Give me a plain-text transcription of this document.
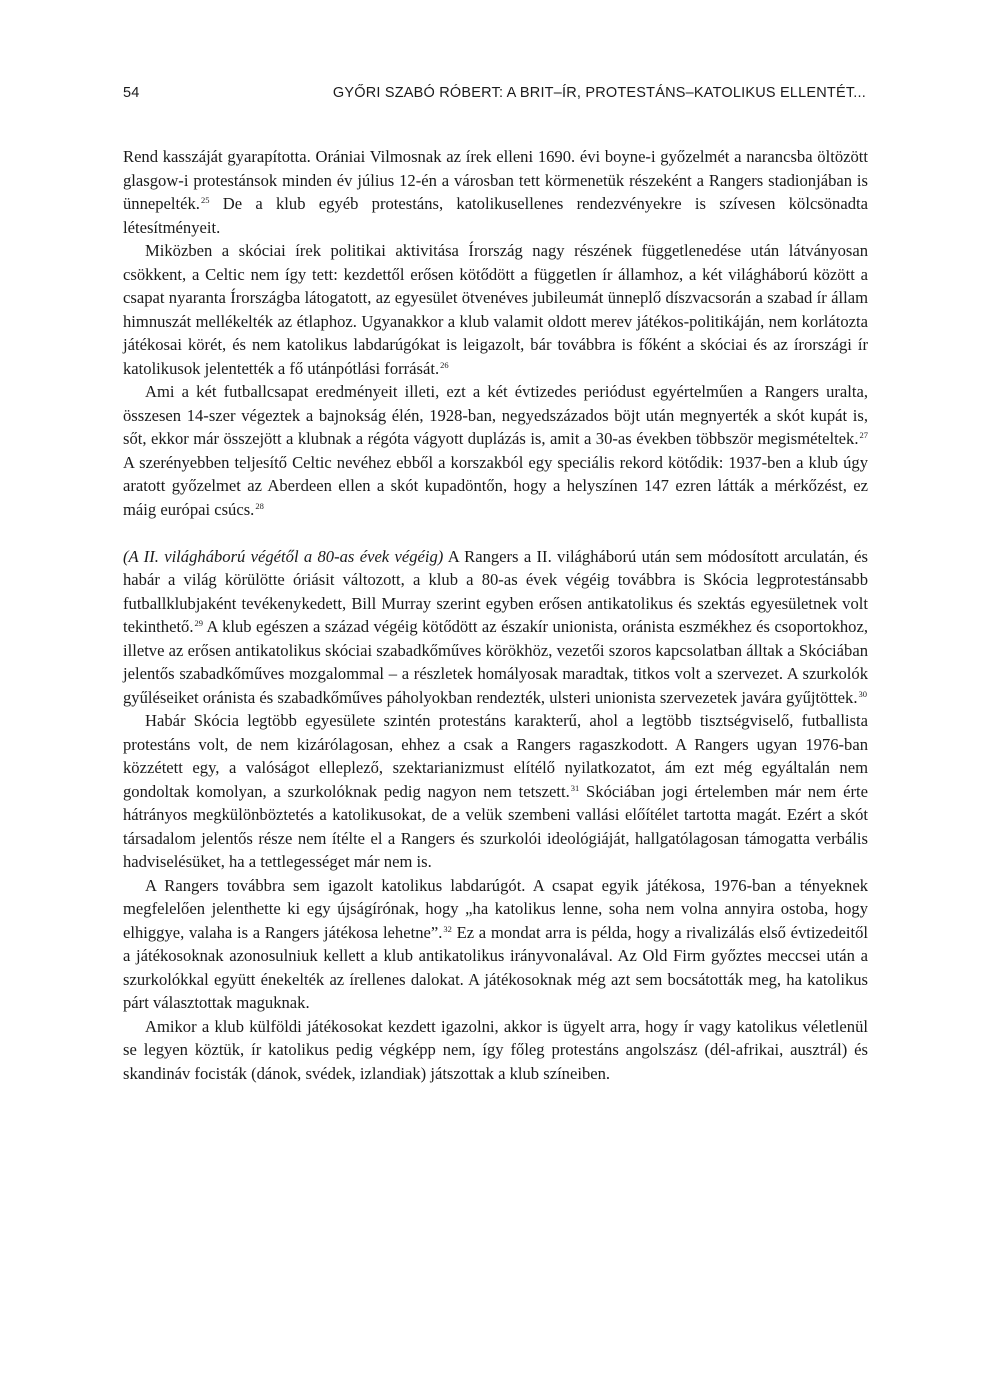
54	GYŐRI SZABÓ RÓBERT: A BRIT–ÍR, PROTESTÁNS–KATOLIKUS ELLENTÉT...

Rend kasszáját gyarapította. Orániai Vilmosnak az írek elleni 1690. évi boyne-i győzelmét a narancsba öltözött glasgow-i protestánsok minden év július 12-én a városban tett körmenetük részeként a Rangers stadionjában is ünnepelték.$^{25}$ De a klub egyéb protestáns, katolikusellenes rendezvényekre is szívesen kölcsönadta létesítményeit.

Miközben a skóciai írek politikai aktivitása Írország nagy részének függetlenedése után látványosan csökkent, a Celtic nem így tett: kezdettől erősen kötődött a független ír államhoz, a két világháború között a csapat nyaranta Írországba látogatott, az egyesület ötvenéves jubileumát ünneplő díszvacsorán a szabad ír állam himnuszát mellékelték az étlaphoz. Ugyanakkor a klub valamit oldott merev játékos-politikáján, nem korlátozta játékosai körét, és nem katolikus labdarúgókat is leigazolt, bár továbbra is főként a skóciai és az írországi ír katolikusok jelentették a fő utánpótlási forrását.$^{26}$

Ami a két futballcsapat eredményeit illeti, ezt a két évtizedes periódust egyértelműen a Rangers uralta, összesen 14-szer végeztek a bajnokság élén, 1928-ban, negyedszázados böjt után megnyerték a skót kupát is, sőt, ekkor már összejött a klubnak a régóta vágyott duplázás is, amit a 30-as években többször megismételtek.$^{27}$ A szerényebben teljesítő Celtic nevéhez ebből a korszakból egy speciális rekord kötődik: 1937-ben a klub úgy aratott győzelmet az Aberdeen ellen a skót kupadöntőn, hogy a helyszínen 147 ezren látták a mérkőzést, ez máig európai csúcs.$^{28}$

(A II. világháború végétől a 80-as évek végéig) A Rangers a II. világháború után sem módosított arculatán, és habár a világ körülötte óriásit változott, a klub a 80-as évek végéig továbbra is Skócia legprotestánsabb futballklubjaként tevékenykedett, Bill Murray szerint egyben erősen antikatolikus és szektás egyesületnek volt tekinthető.$^{29}$ A klub egészen a század végéig kötődött az északír unionista, oránista eszmékhez és csoportokhoz, illetve az erősen antikatolikus skóciai szabadkőműves körökhöz, vezetői szoros kapcsolatban álltak a Skóciában jelentős szabadkőműves mozgalommal – a részletek homályosak maradtak, titkos volt a szervezet. A szurkolók gyűléseiket oránista és szabadkőműves páholyokban rendezték, ulsteri unionista szervezetek javára gyűjtöttek.$^{30}$

Habár Skócia legtöbb egyesülete szintén protestáns karakterű, ahol a legtöbb tisztségviselő, futballista protestáns volt, de nem kizárólagosan, ehhez a csak a Rangers ragaszkodott. A Rangers ugyan 1976-ban közzétett egy, a valóságot elleplező, szektarianizmust elítélő nyilatkozatot, ám ezt még egyáltalán nem gondoltak komolyan, a szurkolóknak pedig nagyon nem tetszett.$^{31}$ Skóciában jogi értelemben már nem érte hátrányos megkülönböztetés a katolikusokat, de a velük szembeni vallási előítélet tartotta magát. Ezért a skót társadalom jelentős része nem ítélte el a Rangers és szurkolói ideológiáját, hallgatólagosan támogatta verbális hadviselésüket, ha a tettlegességet már nem is.

A Rangers továbbra sem igazolt katolikus labdarúgót. A csapat egyik játékosa, 1976-ban a tényeknek megfelelően jelenthette ki egy újságírónak, hogy „ha katolikus lenne, soha nem volna annyira ostoba, hogy elhiggye, valaha is a Rangers játékosa lehetne”.$^{32}$ Ez a mondat arra is példa, hogy a rivalizálás első évtizedeitől a játékosoknak azonosulniuk kellett a klub antikatolikus irányvonalával. Az Old Firm győztes meccsei után a szurkolókkal együtt énekelték az írellenes dalokat. A játékosoknak még azt sem bocsátották meg, ha katolikus párt választottak maguknak.

Amikor a klub külföldi játékosokat kezdett igazolni, akkor is ügyelt arra, hogy ír vagy katolikus véletlenül se legyen köztük, ír katolikus pedig végképp nem, így főleg protestáns angolszász (dél-afrikai, ausztrál) és skandináv focisták (dánok, svédek, izlandiak) játszottak a klub színeiben.
